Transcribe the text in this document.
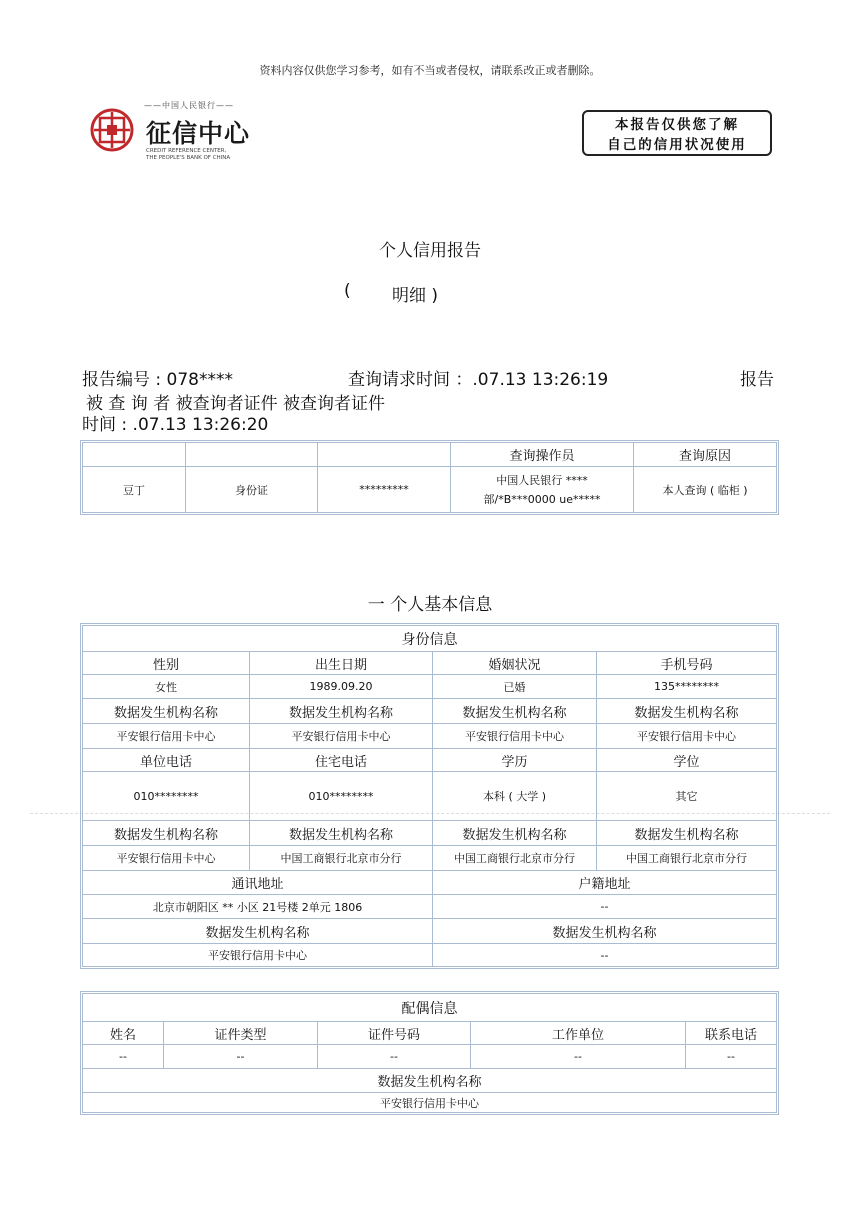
资料内容仅供您学习参考，如有不当或者侵权，请联系改正或者删除。
——中国人民银行——
征信中心
CREDIT REFERENCE CENTER,
THE PEOPLE'S BANK OF CHINA
本报告仅供您了解
自己的信用状况使用
个人信用报告
( 明细 )
报告编号 : 078****	查询请求时间 ：.07.13 13:26:19	报告
被 查 询 者 被查询者证件 被查询者证件
时间 : .07.13 13:26:20
			查询操作员	查询原因
豆丁	身份证	*********	中国人民银行 ****
部/*B***0000 ue*****	本人查询 ( 临柜 )
一 个人基本信息
身份信息			
性别	出生日期	婚姻状况	手机号码
女性	1989.09.20	已婚	135********
数据发生机构名称	数据发生机构名称	数据发生机构名称	数据发生机构名称
平安银行信用卡中心	平安银行信用卡中心	平安银行信用卡中心	平安银行信用卡中心
单位电话	住宅电话	学历	学位
010********	010********	本科 ( 大学 )	其它
数据发生机构名称	数据发生机构名称	数据发生机构名称	数据发生机构名称
平安银行信用卡中心	中国工商银行北京市分行	中国工商银行北京市分行	中国工商银行北京市分行
通讯地址		户籍地址	
北京市朝阳区 ** 小区 21号楼 2单元 1806		--	
数据发生机构名称		数据发生机构名称	
平安银行信用卡中心		--	
配偶信息				
姓名	证件类型	证件号码	工作单位	联系电话
--	--	--	--	--
数据发生机构名称				
平安银行信用卡中心				
